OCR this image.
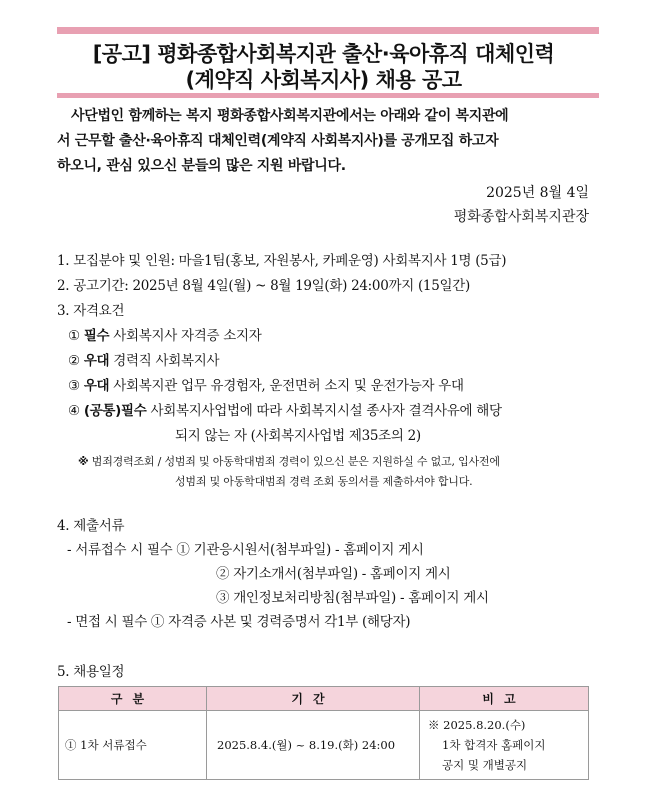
[공고] 평화종합사회복지관 출산·육아휴직 대체인력
(계약직 사회복지사) 채용 공고
사단법인 함께하는 복지 평화종합사회복지관에서는 아래와 같이 복지관에
서 근무할 출산·육아휴직 대체인력(계약직 사회복지사)를 공개모집 하고자
하오니, 관심 있으신 분들의 많은 지원 바랍니다.
2025년 8월 4일
평화종합사회복지관장
1. 모집분야 및 인원: 마을1팀(홍보, 자원봉사, 카페운영) 사회복지사 1명 (5급)
2. 공고기간: 2025년 8월 4일(월) ~ 8월 19일(화) 24:00까지 (15일간)
3. 자격요건
① 필수 사회복지사 자격증 소지자
② 우대 경력직 사회복지사
③ 우대 사회복지관 업무 유경험자, 운전면허 소지 및 운전가능자 우대
④ (공통)필수 사회복지사업법에 따라 사회복지시설 종사자 결격사유에 해당
되지 않는 자 (사회복지사업법 제35조의 2)
※ 범죄경력조회 / 성범죄 및 아동학대범죄 경력이 있으신 분은 지원하실 수 없고, 입사전에
성범죄 및 아동학대범죄 경력 조회 동의서를 제출하셔야 합니다.
4. 제출서류
- 서류접수 시 필수 ① 기관응시원서(첨부파일) - 홈페이지 게시
② 자기소개서(첨부파일) - 홈페이지 게시
③ 개인정보처리방침(첨부파일) - 홈페이지 게시
- 면접 시 필수 ① 자격증 사본 및 경력증명서 각1부 (해당자)
5. 채용일정
구분	기간	비고
① 1차 서류접수	2025.8.4.(월) ~ 8.19.(화) 24:00	※ 2025.8.20.(수)
1차 합격자 홈페이지
공지 및 개별공지
